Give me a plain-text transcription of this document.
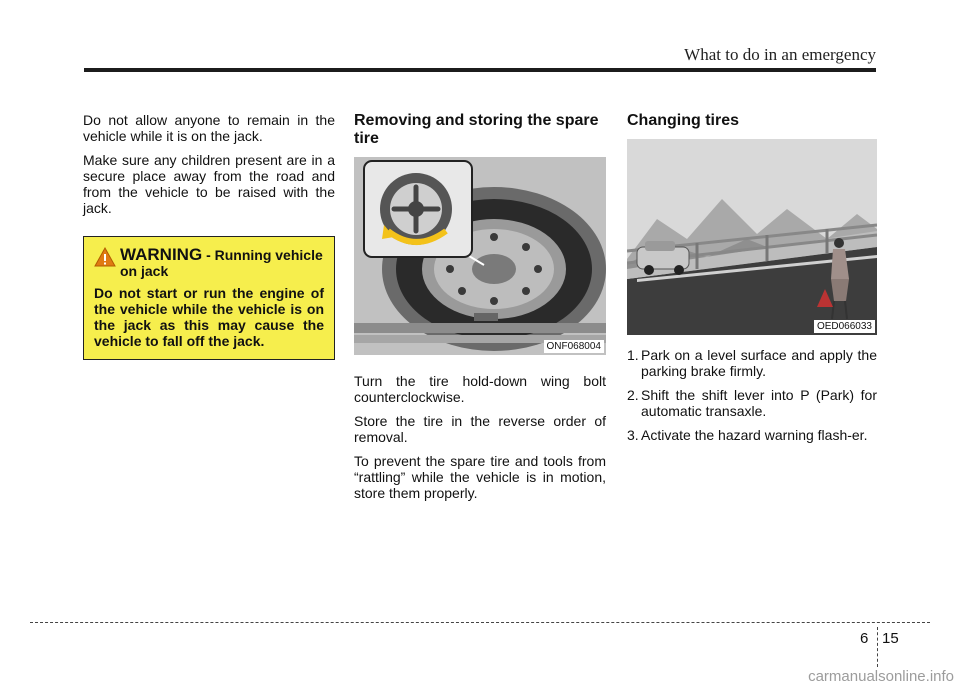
What to do in an emergency

Do not allow anyone to remain in the vehicle while it is on the jack.

Make sure any children present are in a secure place away from the road and from the vehicle to be raised with the jack.

WARNING - Running vehicle on jack
Do not start or run the engine of the vehicle while the vehicle is on the jack as this may cause the vehicle to fall off the jack.
Removing and storing the spare tire
ONF068004

Turn the tire hold-down wing bolt counterclockwise.

Store the tire in the reverse order of removal.

To prevent the spare tire and tools from “rattling” while the vehicle is in motion, store them properly.

Changing tires
OED066033
1. Park on a level surface and apply the parking brake firmly.
2. Shift the shift lever into P (Park) for automatic transaxle.
3. Activate the hazard warning flash-er.
6 15
carmanualsonline.info
